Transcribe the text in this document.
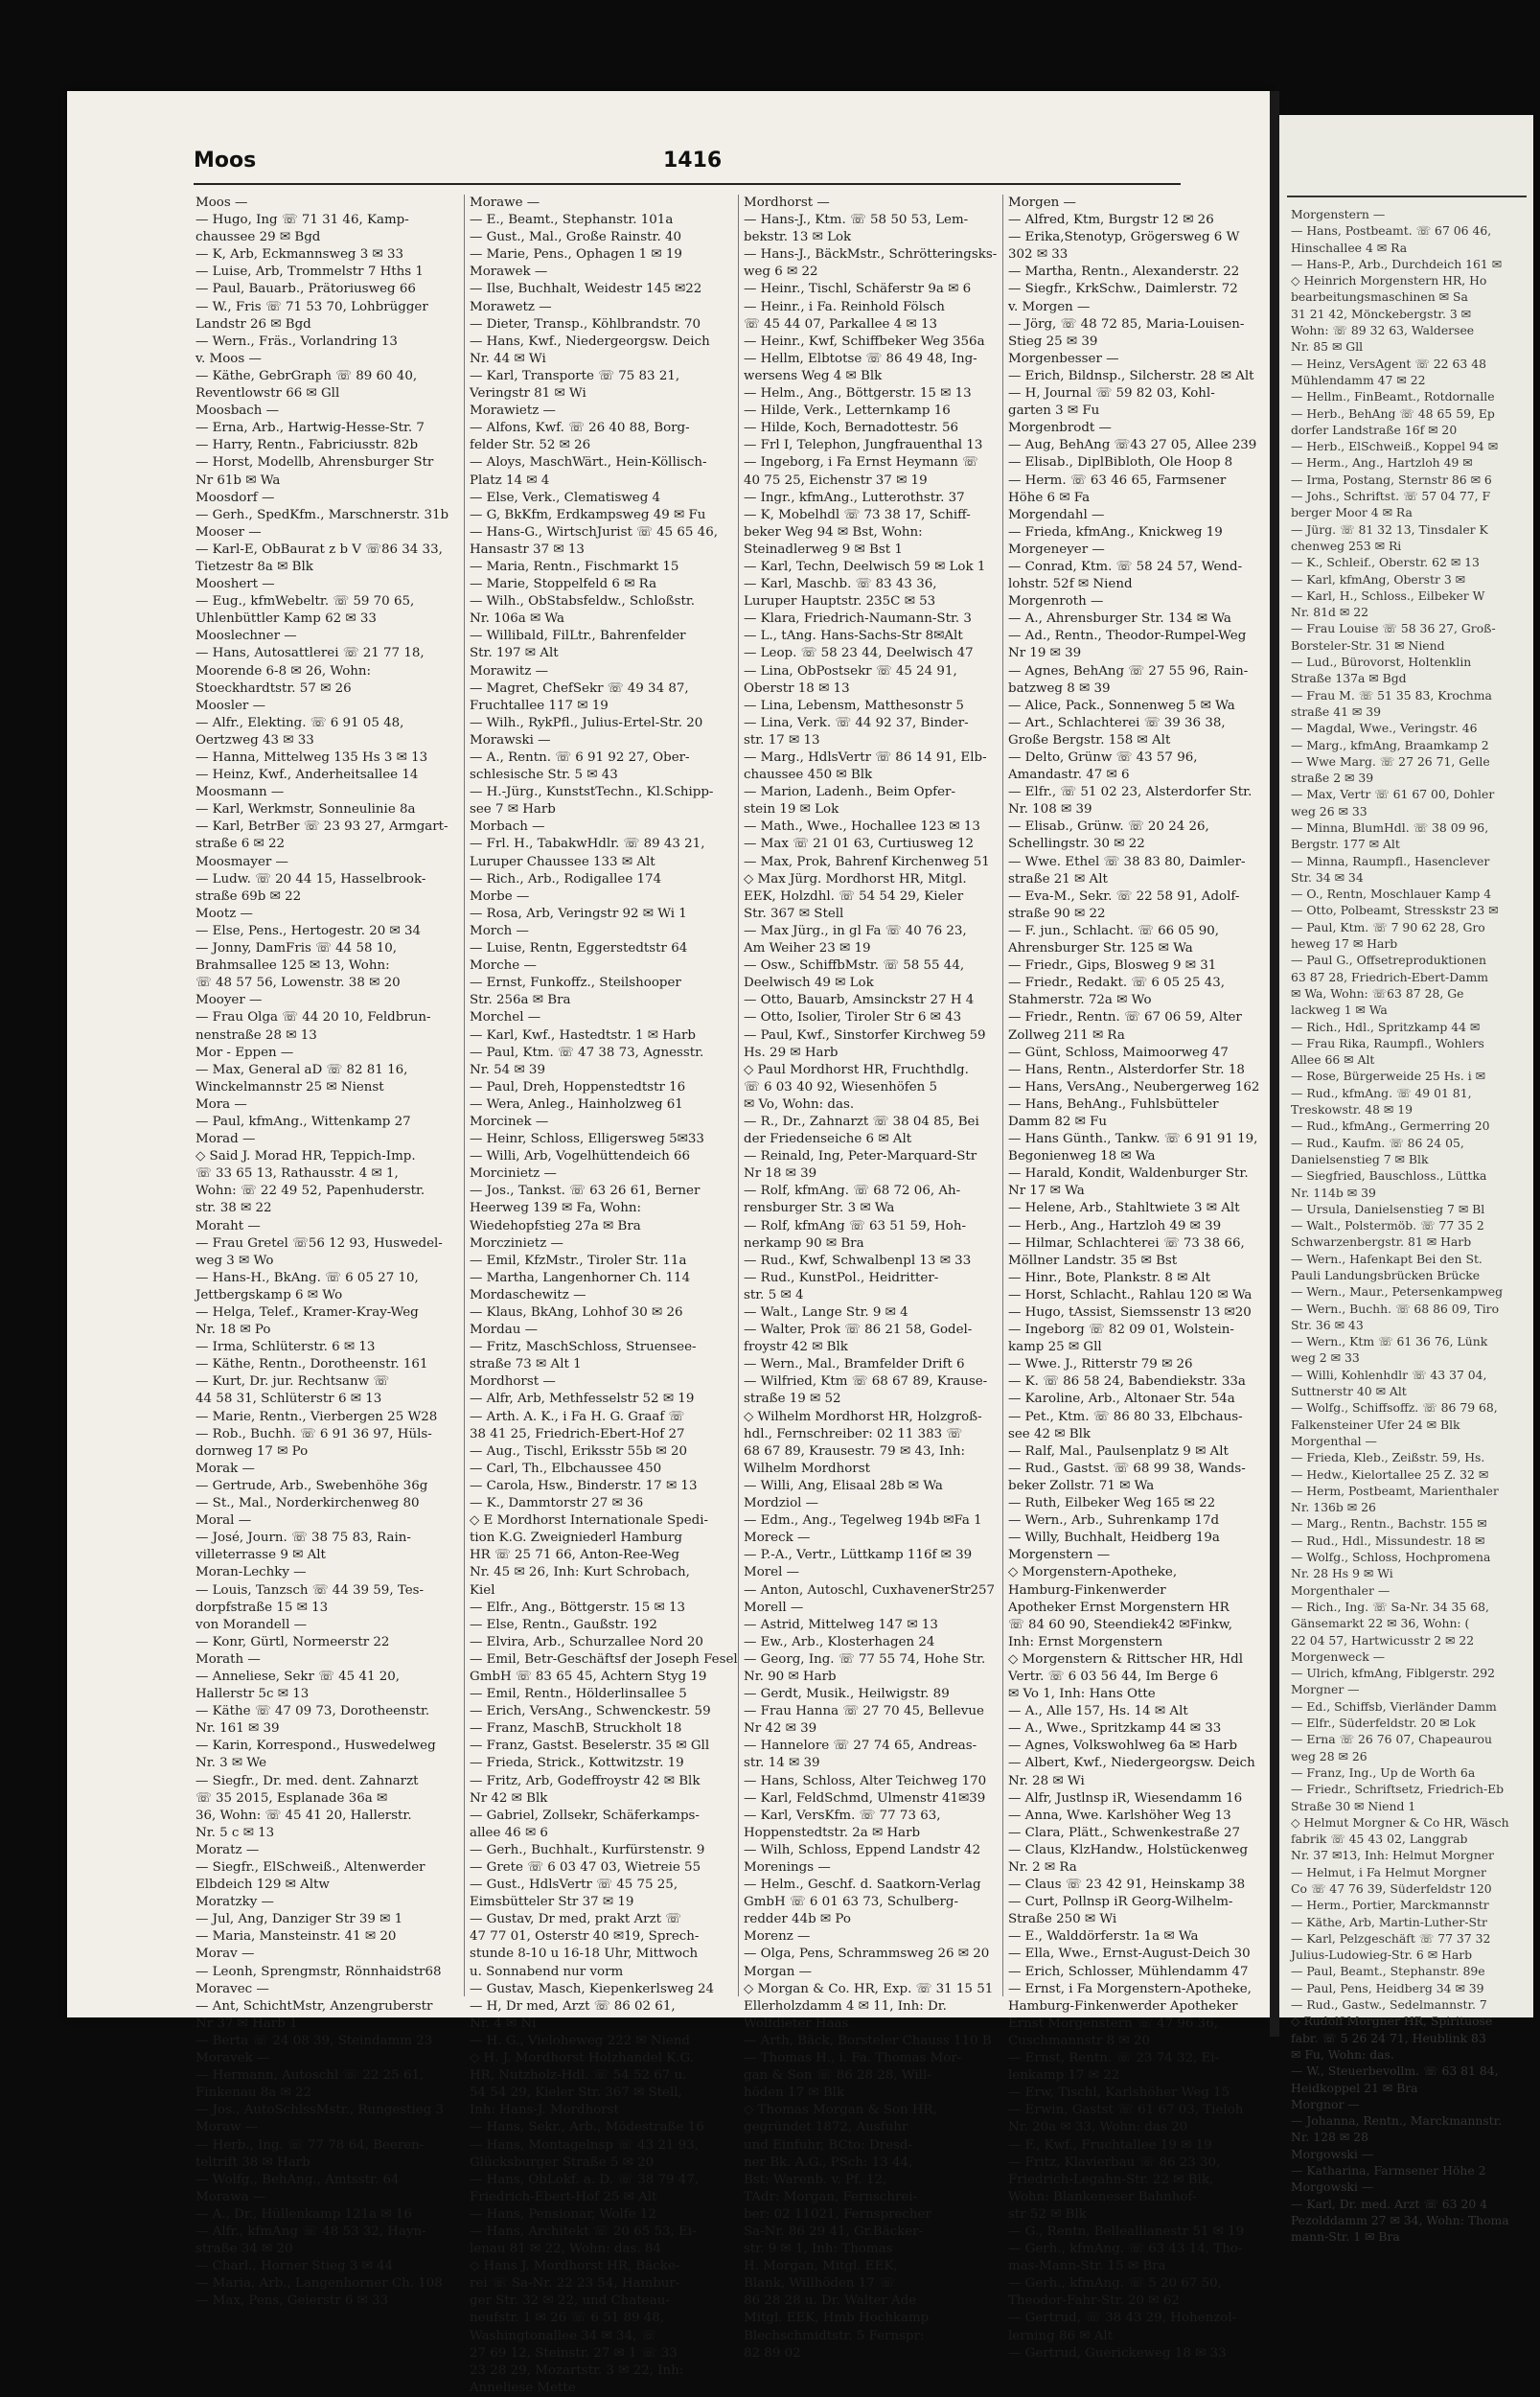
Moos	1416
Moos —
— Hugo, Ing ☏ 71 31 46, Kamp-
chaussee 29 ✉ Bgd
— K, Arb, Eckmannsweg 3 ✉ 33
— Luise, Arb, Trommelstr 7 Hths 1
— Paul, Bauarb., Prätoriusweg 66
— W., Fris ☏ 71 53 70, Lohbrügger
Landstr 26 ✉ Bgd
— Wern., Fräs., Vorlandring 13
v. Moos —
— Käthe, GebrGraph ☏ 89 60 40,
Reventlowstr 66 ✉ Gll
Moosbach —
— Erna, Arb., Hartwig-Hesse-Str. 7
— Harry, Rentn., Fabriciusstr. 82b
— Horst, Modellb, Ahrensburger Str
Nr 61b ✉ Wa
Moosdorf —
— Gerh., SpedKfm., Marschnerstr. 31b
Mooser —
— Karl-E, ObBaurat z b V ☏86 34 33,
Tietzestr 8a ✉ Blk
Mooshert —
— Eug., kfmWebeltr. ☏ 59 70 65,
Uhlenbüttler Kamp 62 ✉ 33
Mooslechner —
— Hans, Autosattlerei ☏ 21 77 18,
Moorende 6-8 ✉ 26, Wohn:
Stoeckhardtstr. 57 ✉ 26
Moosler —
— Alfr., Elekting. ☏ 6 91 05 48,
Oertzweg 43 ✉ 33
— Hanna, Mittelweg 135 Hs 3 ✉ 13
— Heinz, Kwf., Anderheitsallee 14
Moosmann —
— Karl, Werkmstr, Sonneulinie 8a
— Karl, BetrBer ☏ 23 93 27, Armgart-
straße 6 ✉ 22
Moosmayer —
— Ludw. ☏ 20 44 15, Hasselbrook-
straße 69b ✉ 22
Mootz —
— Else, Pens., Hertogestr. 20 ✉ 34
— Jonny, DamFris ☏ 44 58 10,
Brahmsallee 125 ✉ 13, Wohn:
☏ 48 57 56, Lowenstr. 38 ✉ 20
Mooyer —
— Frau Olga ☏ 44 20 10, Feldbrun-
nenstraße 28 ✉ 13
Mor - Eppen —
— Max, General aD ☏ 82 81 16,
Winckelmannstr 25 ✉ Nienst
Mora —
— Paul, kfmAng., Wittenkamp 27
Morad —
◇ Said J. Morad HR, Teppich-Imp.
☏ 33 65 13, Rathausstr. 4 ✉ 1,
Wohn: ☏ 22 49 52, Papenhuderstr.
str. 38 ✉ 22
Moraht —
— Frau Gretel ☏56 12 93, Huswedel-
weg 3 ✉ Wo
— Hans-H., BkAng. ☏ 6 05 27 10,
Jettbergskamp 6 ✉ Wo
— Helga, Telef., Kramer-Kray-Weg
Nr. 18 ✉ Po
— Irma, Schlüterstr. 6 ✉ 13
— Käthe, Rentn., Dorotheenstr. 161
— Kurt, Dr. jur. Rechtsanw ☏
44 58 31, Schlüterstr 6 ✉ 13
— Marie, Rentn., Vierbergen 25 W28
— Rob., Buchh. ☏ 6 91 36 97, Hüls-
dornweg 17 ✉ Po
Morak —
— Gertrude, Arb., Swebenhöhe 36g
— St., Mal., Norderkirchenweg 80
Moral —
— José, Journ. ☏ 38 75 83, Rain-
villeterrasse 9 ✉ Alt
Moran-Lechky —
— Louis, Tanzsch ☏ 44 39 59, Tes-
dorpfstraße 15 ✉ 13
von Morandell —
— Konr, Gürtl, Normeerstr 22
Morath —
— Anneliese, Sekr ☏ 45 41 20,
Hallerstr 5c ✉ 13
— Käthe ☏ 47 09 73, Dorotheenstr.
Nr. 161 ✉ 39
— Karin, Korrespond., Huswedelweg
Nr. 3 ✉ We
— Siegfr., Dr. med. dent. Zahnarzt
☏ 35 2015, Esplanade 36a ✉
36, Wohn: ☏ 45 41 20, Hallerstr.
Nr. 5 c ✉ 13
Moratz —
— Siegfr., ElSchweiß., Altenwerder
Elbdeich 129 ✉ Altw
Moratzky —
— Jul, Ang, Danziger Str 39 ✉ 1
— Maria, Mansteinstr. 41 ✉ 20
Morav —
— Leonh, Sprengmstr, Rönnhaidstr68
Moravec —
— Ant, SchichtMstr, Anzengruberstr
Nr 37 ✉ Harb 1
— Berta ☏ 24 08 39, Steindamm 23
Moravek —
— Hermann, Autoschl ☏ 22 25 61,
Finkenau 8a ✉ 22
— Jos., AutoSchlssMstr., Rungestieg 3
Moraw —
— Herb., Ing. ☏ 77 78 64, Beeren-
teltrift 38 ✉ Harb
— Wolfg., BehAng., Amtsstr. 64
Morawa —
— A., Dr., Hüllenkamp 121a ✉ 16
— Alfr., kfmAng ☏ 48 53 32, Hayn-
straße 34 ✉ 20
— Charl., Horner Stieg 3 ✉ 44
— Maria, Arb., Langenhorner Ch. 108
— Max, Pens, Geierstr 6 ✉ 33
Morawe —
— E., Beamt., Stephanstr. 101a
— Gust., Mal., Große Rainstr. 40
— Marie, Pens., Ophagen 1 ✉ 19
Morawek —
— Ilse, Buchhalt, Weidestr 145 ✉22
Morawetz —
— Dieter, Transp., Köhlbrandstr. 70
— Hans, Kwf., Niedergeorgsw. Deich
Nr. 44 ✉ Wi
— Karl, Transporte ☏ 75 83 21,
Veringstr 81 ✉ Wi
Morawietz —
— Alfons, Kwf. ☏ 26 40 88, Borg-
felder Str. 52 ✉ 26
— Aloys, MaschWärt., Hein-Köllisch-
Platz 14 ✉ 4
— Else, Verk., Clematisweg 4
— G, BkKfm, Erdkampsweg 49 ✉ Fu
— Hans-G., WirtschJurist ☏ 45 65 46,
Hansastr 37 ✉ 13
— Maria, Rentn., Fischmarkt 15
— Marie, Stoppelfeld 6 ✉ Ra
— Wilh., ObStabsfeldw., Schloßstr.
Nr. 106a ✉ Wa
— Willibald, FilLtr., Bahrenfelder
Str. 197 ✉ Alt
Morawitz —
— Magret, ChefSekr ☏ 49 34 87,
Fruchtallee 117 ✉ 19
— Wilh., RykPfl., Julius-Ertel-Str. 20
Morawski —
— A., Rentn. ☏ 6 91 92 27, Ober-
schlesische Str. 5 ✉ 43
— H.-Jürg., KunststTechn., Kl.Schipp-
see 7 ✉ Harb
Morbach —
— Frl. H., TabakwHdlr. ☏ 89 43 21,
Luruper Chaussee 133 ✉ Alt
— Rich., Arb., Rodigallee 174
Morbe —
— Rosa, Arb, Veringstr 92 ✉ Wi 1
Morch —
— Luise, Rentn, Eggerstedtstr 64
Morche —
— Ernst, Funkoffz., Steilshooper
Str. 256a ✉ Bra
Morchel —
— Karl, Kwf., Hastedtstr. 1 ✉ Harb
— Paul, Ktm. ☏ 47 38 73, Agnesstr.
Nr. 54 ✉ 39
— Paul, Dreh, Hoppenstedtstr 16
— Wera, Anleg., Hainholzweg 61
Morcinek —
— Heinr, Schloss, Elligersweg 5✉33
— Willi, Arb, Vogelhüttendeich 66
Morcinietz —
— Jos., Tankst. ☏ 63 26 61, Berner
Heerweg 139 ✉ Fa, Wohn:
Wiedehopfstieg 27a ✉ Bra
Morczinietz —
— Emil, KfzMstr., Tiroler Str. 11a
— Martha, Langenhorner Ch. 114
Mordaschewitz —
— Klaus, BkAng, Lohhof 30 ✉ 26
Mordau —
— Fritz, MaschSchloss, Struensee-
straße 73 ✉ Alt 1
Mordhorst —
— Alfr, Arb, Methfesselstr 52 ✉ 19
— Arth. A. K., i Fa H. G. Graaf ☏
38 41 25, Friedrich-Ebert-Hof 27
— Aug., Tischl, Eriksstr 55b ✉ 20
— Carl, Th., Elbchaussee 450
— Carola, Hsw., Binderstr. 17 ✉ 13
— K., Dammtorstr 27 ✉ 36
◇ E Mordhorst Internationale Spedi-
tion K.G. Zweigniederl Hamburg
HR ☏ 25 71 66, Anton-Ree-Weg
Nr. 45 ✉ 26, Inh: Kurt Schrobach,
Kiel
— Elfr., Ang., Böttgerstr. 15 ✉ 13
— Else, Rentn., Gaußstr. 192
— Elvira, Arb., Schurzallee Nord 20
— Emil, Betr-Geschäftsf der Joseph Fesel
GmbH ☏ 83 65 45, Achtern Styg 19
— Emil, Rentn., Hölderlinsallee 5
— Erich, VersAng., Schwenckestr. 59
— Franz, MaschB, Struckholt 18
— Franz, Gastst. Beselerstr. 35 ✉ Gll
— Frieda, Strick., Kottwitzstr. 19
— Fritz, Arb, Godeffroystr 42 ✉ Blk
Nr 42 ✉ Blk
— Gabriel, Zollsekr, Schäferkamps-
allee 46 ✉ 6
— Gerh., Buchhalt., Kurfürstenstr. 9
— Grete ☏ 6 03 47 03, Wietreie 55
— Gust., HdlsVertr ☏ 45 75 25,
Eimsbütteler Str 37 ✉ 19
— Gustav, Dr med, prakt Arzt ☏
47 77 01, Osterstr 40 ✉19, Sprech-
stunde 8-10 u 16-18 Uhr, Mittwoch
u. Sonnabend nur vorm
— Gustav, Masch, Kiepenkerlsweg 24
— H, Dr med, Arzt ☏ 86 02 61,
Nr. 4 ✉ Ni
— H. G., Vieloheweg 222 ✉ Niend
◇ H. J. Mordhorst Holzhandel K.G.
HR, Nutzholz-Hdl. ☏ 54 52 67 u.
54 54 29, Kieler Str. 367 ✉ Stell,
Inh: Hans-J. Mordhorst
— Hans, Sekr., Arb., Mödestraße 16
— Hans, Montagelnsp ☏ 43 21 93,
Glücksburger Straße 5 ✉ 20
— Hans, ObLokf. a. D. ☏ 38 79 47,
Friedrich-Ebert-Hof 25 ✉ Alt
— Hans, Pensionar, Wolfe 12
— Hans, Architekt ☏ 20 65 53, Ei-
lenau 81 ✉ 22, Wohn: das. 84
◇ Hans J. Mordhorst HR, Bäcke-
rei ☏ Sa-Nr. 22 23 54, Hambur-
ger Str. 32 ✉ 22, und Chateau-
neufstr. 1 ✉ 26 ☏ 6 51 89 48,
Washingtonallee 34 ✉ 34, ☏
27 69 12, Steinstr. 27 ✉ 1 ☏ 33
23 28 29, Mozartstr. 3 ✉ 22, Inh:
Anneliese Mette
Mordhorst —
— Hans-J., Ktm. ☏ 58 50 53, Lem-
bekstr. 13 ✉ Lok
— Hans-J., BäckMstr., Schrötteringsks-
weg 6 ✉ 22
— Heinr., Tischl, Schäferstr 9a ✉ 6
— Heinr., i Fa. Reinhold Fölsch
☏ 45 44 07, Parkallee 4 ✉ 13
— Heinr., Kwf, Schiffbeker Weg 356a
— Hellm, Elbtotse ☏ 86 49 48, Ing-
wersens Weg 4 ✉ Blk
— Helm., Ang., Böttgerstr. 15 ✉ 13
— Hilde, Verk., Letternkamp 16
— Hilde, Koch, Bernadottestr. 56
— Frl I, Telephon, Jungfrauenthal 13
— Ingeborg, i Fa Ernst Heymann ☏
40 75 25, Eichenstr 37 ✉ 19
— Ingr., kfmAng., Lutterothstr. 37
— K, Mobelhdl ☏ 73 38 17, Schiff-
beker Weg 94 ✉ Bst, Wohn:
Steinadlerweg 9 ✉ Bst 1
— Karl, Techn, Deelwisch 59 ✉ Lok 1
— Karl, Maschb. ☏ 83 43 36,
Luruper Hauptstr. 235C ✉ 53
— Klara, Friedrich-Naumann-Str. 3
— L., tAng. Hans-Sachs-Str 8✉Alt
— Leop. ☏ 58 23 44, Deelwisch 47
— Lina, ObPostsekr ☏ 45 24 91,
Oberstr 18 ✉ 13
— Lina, Lebensm, Matthesonstr 5
— Lina, Verk. ☏ 44 92 37, Binder-
str. 17 ✉ 13
— Marg., HdlsVertr ☏ 86 14 91, Elb-
chaussee 450 ✉ Blk
— Marion, Ladenh., Beim Opfer-
stein 19 ✉ Lok
— Math., Wwe., Hochallee 123 ✉ 13
— Max ☏ 21 01 63, Curtiusweg 12
— Max, Prok, Bahrenf Kirchenweg 51
◇ Max Jürg. Mordhorst HR, Mitgl.
EEK, Holzdhl. ☏ 54 54 29, Kieler
Str. 367 ✉ Stell
— Max Jürg., in gl Fa ☏ 40 76 23,
Am Weiher 23 ✉ 19
— Osw., SchiffbMstr. ☏ 58 55 44,
Deelwisch 49 ✉ Lok
— Otto, Bauarb, Amsinckstr 27 H 4
— Otto, Isolier, Tiroler Str 6 ✉ 43
— Paul, Kwf., Sinstorfer Kirchweg 59
Hs. 29 ✉ Harb
◇ Paul Mordhorst HR, Fruchthdlg.
☏ 6 03 40 92, Wiesenhöfen 5
✉ Vo, Wohn: das.
— R., Dr., Zahnarzt ☏ 38 04 85, Bei
der Friedenseiche 6 ✉ Alt
— Reinald, Ing, Peter-Marquard-Str
Nr 18 ✉ 39
— Rolf, kfmAng. ☏ 68 72 06, Ah-
rensburger Str. 3 ✉ Wa
— Rolf, kfmAng ☏ 63 51 59, Hoh-
nerkamp 90 ✉ Bra
— Rud., Kwf, Schwalbenpl 13 ✉ 33
— Rud., KunstPol., Heidritter-
str. 5 ✉ 4
— Walt., Lange Str. 9 ✉ 4
— Walter, Prok ☏ 86 21 58, Godel-
froystr 42 ✉ Blk
— Wern., Mal., Bramfelder Drift 6
— Wilfried, Ktm ☏ 68 67 89, Krause-
straße 19 ✉ 52
◇ Wilhelm Mordhorst HR, Holzgroß-
hdl., Fernschreiber: 02 11 383 ☏
68 67 89, Krausestr. 79 ✉ 43, Inh:
Wilhelm Mordhorst
— Willi, Ang, Elisaal 28b ✉ Wa
Mordziol —
— Edm., Ang., Tegelweg 194b ✉Fa 1
Moreck —
— P.-A., Vertr., Lüttkamp 116f ✉ 39
Morel —
— Anton, Autoschl, CuxhavenerStr257
Morell —
— Astrid, Mittelweg 147 ✉ 13
— Ew., Arb., Klosterhagen 24
— Georg, Ing. ☏ 77 55 74, Hohe Str.
Nr. 90 ✉ Harb
— Gerdt, Musik., Heilwigstr. 89
— Frau Hanna ☏ 27 70 45, Bellevue
Nr 42 ✉ 39
— Hannelore ☏ 27 74 65, Andreas-
str. 14 ✉ 39
— Hans, Schloss, Alter Teichweg 170
— Karl, FeldSchmd, Ulmenstr 41✉39
— Karl, VersKfm. ☏ 77 73 63,
Hoppenstedtstr. 2a ✉ Harb
— Wilh, Schloss, Eppend Landstr 42
Morenings —
— Helm., Geschf. d. Saatkorn-Verlag
GmbH ☏ 6 01 63 73, Schulberg-
redder 44b ✉ Po
Morenz —
— Olga, Pens, Schrammsweg 26 ✉ 20
Morgan —
◇ Morgan & Co. HR, Exp. ☏ 31 15 51
Ellerholzdamm 4 ✉ 11, Inh: Dr.
Wolfdieter Haas
— Arth, Bäck, Borsteler Chauss 110 B
— Thomas H., i. Fa. Thomas Mor-
gan & Son ☏ 86 28 28, Will-
höden 17 ✉ Blk
◇ Thomas Morgan & Son HR,
gegründet 1872, Ausfuhr
und Einfuhr, BCto: Dresd-
ner Bk. A.G., PSch: 13 44,
Bst: Warenb. v. Pf. 12,
TAdr: Morgan, Fernschrei-
ber: 02 11021, Fernsprecher
Sa-Nr. 86 29 41, Gr.Bäcker-
str. 9 ✉ 1, Inh: Thomas
H. Morgan, Mitgl. EEK,
Blank, Willhöden 17 ☏
86 28 28 u. Dr. Walter Ade
Mitgl. EEK, Hmb Hochkamp
Blechschmidtstr. 5 Fernspr:
82 89 02
Morgen —
— Alfred, Ktm, Burgstr 12 ✉ 26
— Erika,Stenotyp, Grögersweg 6 W
302 ✉ 33
— Martha, Rentn., Alexanderstr. 22
— Siegfr., KrkSchw., Daimlerstr. 72
v. Morgen —
— Jörg, ☏ 48 72 85, Maria-Louisen-
Stieg 25 ✉ 39
Morgenbesser —
— Erich, Bildnsp., Silcherstr. 28 ✉ Alt
— H, Journal ☏ 59 82 03, Kohl-
garten 3 ✉ Fu
Morgenbrodt —
— Aug, BehAng ☏43 27 05, Allee 239
— Elisab., DiplBibloth, Ole Hoop 8
— Herm. ☏ 63 46 65, Farmsener
Höhe 6 ✉ Fa
Morgendahl —
— Frieda, kfmAng., Knickweg 19
Morgeneyer —
— Conrad, Ktm. ☏ 58 24 57, Wend-
lohstr. 52f ✉ Niend
Morgenroth —
— A., Ahrensburger Str. 134 ✉ Wa
— Ad., Rentn., Theodor-Rumpel-Weg
Nr 19 ✉ 39
— Agnes, BehAng ☏ 27 55 96, Rain-
batzweg 8 ✉ 39
— Alice, Pack., Sonnenweg 5 ✉ Wa
— Art., Schlachterei ☏ 39 36 38,
Große Bergstr. 158 ✉ Alt
— Delto, Grünw ☏ 43 57 96,
Amandastr. 47 ✉ 6
— Elfr., ☏ 51 02 23, Alsterdorfer Str.
Nr. 108 ✉ 39
— Elisab., Grünw. ☏ 20 24 26,
Schellingstr. 30 ✉ 22
— Wwe. Ethel ☏ 38 83 80, Daimler-
straße 21 ✉ Alt
— Eva-M., Sekr. ☏ 22 58 91, Adolf-
straße 90 ✉ 22
— F. jun., Schlacht. ☏ 66 05 90,
Ahrensburger Str. 125 ✉ Wa
— Friedr., Gips, Blosweg 9 ✉ 31
— Friedr., Redakt. ☏ 6 05 25 43,
Stahmerstr. 72a ✉ Wo
— Friedr., Rentn. ☏ 67 06 59, Alter
Zollweg 211 ✉ Ra
— Günt, Schloss, Maimoorweg 47
— Hans, Rentn., Alsterdorfer Str. 18
— Hans, VersAng., Neubergerweg 162
— Hans, BehAng., Fuhlsbütteler
Damm 82 ✉ Fu
— Hans Günth., Tankw. ☏ 6 91 91 19,
Begonienweg 18 ✉ Wa
— Harald, Kondit, Waldenburger Str.
Nr 17 ✉ Wa
— Helene, Arb., Stahltwiete 3 ✉ Alt
— Herb., Ang., Hartzloh 49 ✉ 39
— Hilmar, Schlachterei ☏ 73 38 66,
Möllner Landstr. 35 ✉ Bst
— Hinr., Bote, Plankstr. 8 ✉ Alt
— Horst, Schlacht., Rahlau 120 ✉ Wa
— Hugo, tAssist, Siemssenstr 13 ✉20
— Ingeborg ☏ 82 09 01, Wolstein-
kamp 25 ✉ Gll
— Wwe. J., Ritterstr 79 ✉ 26
— K. ☏ 86 58 24, Babendiekstr. 33a
— Karoline, Arb., Altonaer Str. 54a
— Pet., Ktm. ☏ 86 80 33, Elbchaus-
see 42 ✉ Blk
— Ralf, Mal., Paulsenplatz 9 ✉ Alt
— Rud., Gastst. ☏ 68 99 38, Wands-
beker Zollstr. 71 ✉ Wa
— Ruth, Eilbeker Weg 165 ✉ 22
— Wern., Arb., Suhrenkamp 17d
— Willy, Buchhalt, Heidberg 19a
Morgenstern —
◇ Morgenstern-Apotheke,
Hamburg-Finkenwerder
Apotheker Ernst Morgenstern HR
☏ 84 60 90, Steendiek42 ✉Finkw,
Inh: Ernst Morgenstern
◇ Morgenstern & Rittscher HR, Hdl
Vertr. ☏ 6 03 56 44, Im Berge 6
✉ Vo 1, Inh: Hans Otte
— A., Alle 157, Hs. 14 ✉ Alt
— A., Wwe., Spritzkamp 44 ✉ 33
— Agnes, Volkswohlweg 6a ✉ Harb
— Albert, Kwf., Niedergeorgsw. Deich
Nr. 28 ✉ Wi
— Alfr, Justlnsp iR, Wiesendamm 16
— Anna, Wwe. Karlshöher Weg 13
— Clara, Plätt., Schwenkestraße 27
— Claus, KlzHandw., Holstückenweg
Nr. 2 ✉ Ra
— Claus ☏ 23 42 91, Heinskamp 38
— Curt, Pollnsp iR Georg-Wilhelm-
Straße 250 ✉ Wi
— E., Walddörferstr. 1a ✉ Wa
— Ella, Wwe., Ernst-August-Deich 30
— Erich, Schlosser, Mühlendamm 47
— Ernst, i Fa Morgenstern-Apotheke,
Hamburg-Finkenwerder Apotheker
Ernst Morgenstern ☏ 47 96 36,
Cuschmannstr 8 ✉ 20
— Ernst, Rentn. ☏ 23 74 32, Ei-
lenkamp 17 ✉ 22
— Erw, Tischl, Karlshöher Weg 15
— Erwin, Gastst ☏ 61 67 03, Tieloh
Nr. 20a ✉ 33, Wohn: das 20
— F., Kwf., Fruchtallee 19 ✉ 19
— Fritz, Klavierbau ☏ 86 23 30,
Friedrich-Legahn-Str. 22 ✉ Blk,
Wohn: Blankeneser Bahnhof-
str 52 ✉ Blk
— G., Rentn, Belleallianestr 51 ✉ 19
— Gerh., kfmAng. ☏ 63 43 14, Tho-
mas-Mann-Str. 15 ✉ Bra
— Gerh., kfmAng. ☏ 5 20 67 50,
Theodor-Fahr-Str. 20 ✉ 62
— Gertrud, ☏ 38 43 29, Hohenzol-
lerning 86 ✉ Alt
— Gertrud, Guerickeweg 18 ✉ 33
Morgenstern —
— Hans, Postbeamt. ☏ 67 06 46,
Hinschallee 4 ✉ Ra
— Hans-P., Arb., Durchdeich 161 ✉
◇ Heinrich Morgenstern HR, Ho
bearbeitungsmaschinen ✉ Sa
31 21 42, Mönckebergstr. 3 ✉
Wohn: ☏ 89 32 63, Waldersee
Nr. 85 ✉ Gll
— Heinz, VersAgent ☏ 22 63 48
Mühlendamm 47 ✉ 22
— Hellm., FinBeamt., Rotdornalle
— Herb., BehAng ☏ 48 65 59, Ep
dorfer Landstraße 16f ✉ 20
— Herb., ElSchweiß., Koppel 94 ✉
— Herm., Ang., Hartzloh 49 ✉
— Irma, Postang, Sternstr 86 ✉ 6
— Johs., Schriftst. ☏ 57 04 77, F
berger Moor 4 ✉ Ra
— Jürg. ☏ 81 32 13, Tinsdaler K
chenweg 253 ✉ Ri
— K., Schleif., Oberstr. 62 ✉ 13
— Karl, kfmAng, Oberstr 3 ✉
— Karl, H., Schloss., Eilbeker W
Nr. 81d ✉ 22
— Frau Louise ☏ 58 36 27, Groß-
Borsteler-Str. 31 ✉ Niend
— Lud., Bürovorst, Holtenklin
Straße 137a ✉ Bgd
— Frau M. ☏ 51 35 83, Krochma
straße 41 ✉ 39
— Magdal, Wwe., Veringstr. 46
— Marg., kfmAng, Braamkamp 2
— Wwe Marg. ☏ 27 26 71, Gelle
straße 2 ✉ 39
— Max, Vertr ☏ 61 67 00, Dohler
weg 26 ✉ 33
— Minna, BlumHdl. ☏ 38 09 96,
Bergstr. 177 ✉ Alt
— Minna, Raumpfl., Hasenclever
Str. 34 ✉ 34
— O., Rentn, Moschlauer Kamp 4
— Otto, Polbeamt, Stresskstr 23 ✉
— Paul, Ktm. ☏ 7 90 62 28, Gro
heweg 17 ✉ Harb
— Paul G., Offsetreproduktionen
63 87 28, Friedrich-Ebert-Damm
✉ Wa, Wohn: ☏63 87 28, Ge
lackweg 1 ✉ Wa
— Rich., Hdl., Spritzkamp 44 ✉
— Frau Rika, Raumpfl., Wohlers
Allee 66 ✉ Alt
— Rose, Bürgerweide 25 Hs. i ✉
— Rud., kfmAng. ☏ 49 01 81,
Treskowstr. 48 ✉ 19
— Rud., kfmAng., Germerring 20
— Rud., Kaufm. ☏ 86 24 05,
Danielsenstieg 7 ✉ Blk
— Siegfried, Bauschloss., Lüttka
Nr. 114b ✉ 39
— Ursula, Danielsenstieg 7 ✉ Bl
— Walt., Polstermöb. ☏ 77 35 2
Schwarzenbergstr. 81 ✉ Harb
— Wern., Hafenkapt Bei den St.
Pauli Landungsbrücken Brücke
— Wern., Maur., Petersenkampweg
— Wern., Buchh. ☏ 68 86 09, Tiro
Str. 36 ✉ 43
— Wern., Ktm ☏ 61 36 76, Lünk
weg 2 ✉ 33
— Willi, Kohlenhdlr ☏ 43 37 04,
Suttnerstr 40 ✉ Alt
— Wolfg., Schiffsoffz. ☏ 86 79 68,
Falkensteiner Ufer 24 ✉ Blk
Morgenthal —
— Frieda, Kleb., Zeißstr. 59, Hs.
— Hedw., Kielortallee 25 Z. 32 ✉
— Herm, Postbeamt, Marienthaler
Nr. 136b ✉ 26
— Marg., Rentn., Bachstr. 155 ✉
— Rud., Hdl., Missundestr. 18 ✉
— Wolfg., Schloss, Hochpromena
Nr. 28 Hs 9 ✉ Wi
Morgenthaler —
— Rich., Ing. ☏ Sa-Nr. 34 35 68,
Gänsemarkt 22 ✉ 36, Wohn: (
22 04 57, Hartwicusstr 2 ✉ 22
Morgenweck —
— Ulrich, kfmAng, Fiblgerstr. 292
Morgner —
— Ed., Schiffsb, Vierländer Damm
— Elfr., Süderfeldstr. 20 ✉ Lok
— Erna ☏ 26 76 07, Chapeaurou
weg 28 ✉ 26
— Franz, Ing., Up de Worth 6a
— Friedr., Schriftsetz, Friedrich-Eb
Straße 30 ✉ Niend 1
◇ Helmut Morgner & Co HR, Wäsch
fabrik ☏ 45 43 02, Langgrab
Nr. 37 ✉13, Inh: Helmut Morgner
— Helmut, i Fa Helmut Morgner
Co ☏ 47 76 39, Süderfeldstr 120
— Herm., Portier, Marckmannstr
— Käthe, Arb, Martin-Luther-Str
— Karl, Pelzgeschäft ☏ 77 37 32
Julius-Ludowieg-Str. 6 ✉ Harb
— Paul, Beamt., Stephanstr. 89e
— Paul, Pens, Heidberg 34 ✉ 39
— Rud., Gastw., Sedelmannstr. 7
◇ Rudolf Morgner HR, Spirituose
fabr. ☏ 5 26 24 71, Heublink 83
✉ Fu, Wohn: das.
— W., Steuerbevollm. ☏ 63 81 84,
Heidkoppel 21 ✉ Bra
Morgnor —
— Johanna, Rentn., Marckmannstr.
Nr. 128 ✉ 28
Morgowski —
— Katharina, Farmsener Höhe 2
Morgowski —
— Karl, Dr. med. Arzt ☏ 63 20 4
Pezolddamm 27 ✉ 34, Wohn: Thoma
mann-Str. 1 ✉ Bra
